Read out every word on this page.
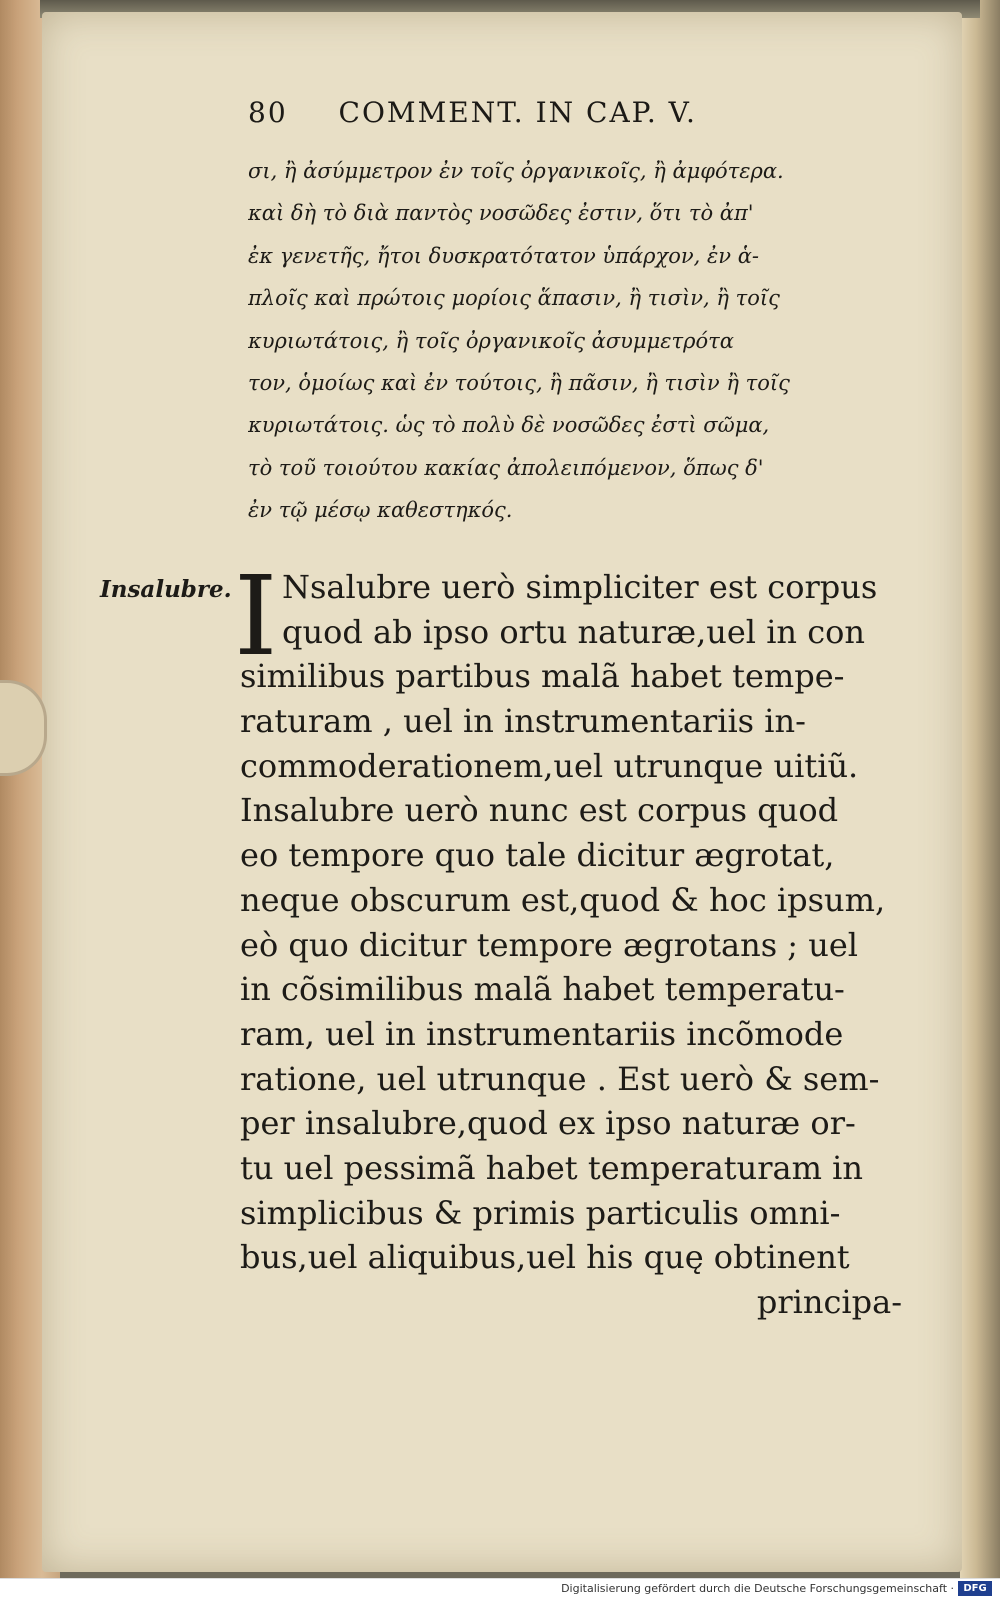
80 COMMENT. IN CAP. V.
σι, ἢ ἀσύμμετρον ἐν τοῖς ὀργανικοῖς, ἢ ἀμφότερα.
καὶ δὴ τὸ διὰ παντὸς νοσῶδες ἐστιν, ὅτι τὸ ἀπ'
ἐκ γενετῆς, ἤτοι δυσκρατότατον ὑπάρχον, ἐν ἁ-
πλοῖς καὶ πρώτοις μορίοις ἅπασιν, ἢ τισὶν, ἢ τοῖς
κυριωτάτοις, ἢ τοῖς ὀργανικοῖς ἀσυμμετρότα
τον, ὁμοίως καὶ ἐν τούτοις, ἢ πᾶσιν, ἢ τισὶν ἢ τοῖς
κυριωτάτοις. ὡς τὸ πολὺ δὲ νοσῶδες ἐστὶ σῶμα,
τὸ τοῦ τοιούτου κακίας ἀπολειπόμενον, ὅπως δ'
ἐν τῷ μέσῳ καθεστηκός.
Insalubre. I Nsalubre uerò simpliciter est corpus
quod ab ipso ortu naturæ,uel in con
similibus partibus malã habet tempe-
raturam , uel in instrumentariis in-
commoderationem,uel utrunque uitiũ.
Insalubre uerò nunc est corpus quod
eo tempore quo tale dicitur ægrotat,
neque obscurum est,quod & hoc ipsum,
eò quo dicitur tempore ægrotans ; uel
in cõsimilibus malã habet temperatu-
ram, uel in instrumentariis incõmode
ratione, uel utrunque . Est uerò & sem-
per insalubre,quod ex ipso naturæ or-
tu uel pessimã habet temperaturam in
simplicibus & primis particulis omni-
bus,uel aliquibus,uel his quę obtinent
principa-
Digitalisierung gefördert durch die Deutsche Forschungsgemeinschaft · DFG
